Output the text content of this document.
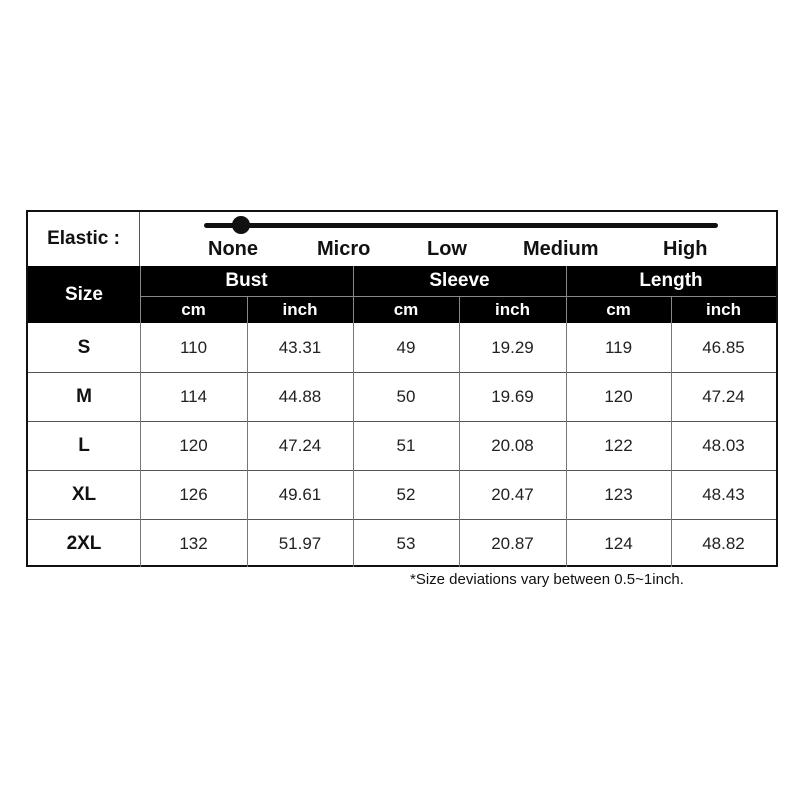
Elastic :	None	Micro	Low	Medium	High
Size
Bust
cm	inch
Sleeve
cm	inch
Length
cm	inch
S	110	43.31	49	19.29	119	46.85
M	114	44.88	50	19.69	120	47.24
L	120	47.24	51	20.08	122	48.03
XL	126	49.61	52	20.47	123	48.43
2XL	132	51.97	53	20.87	124	48.82
*Size deviations vary between 0.5~1inch.
